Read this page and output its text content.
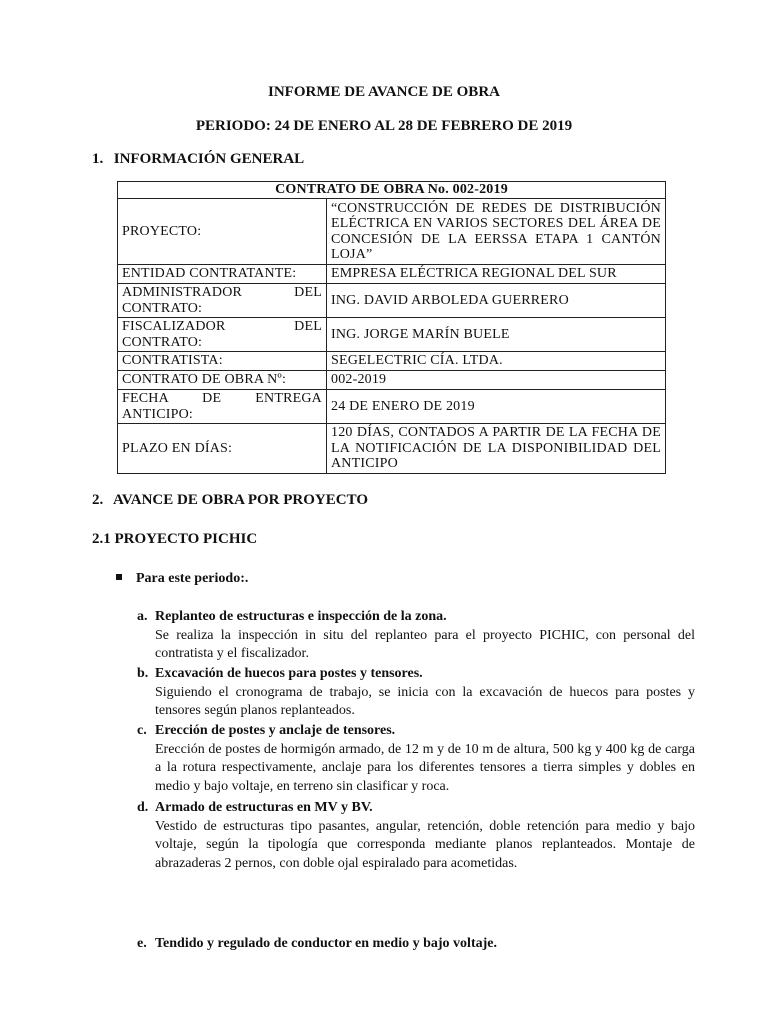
INFORME DE AVANCE DE OBRA
PERIODO: 24 DE ENERO AL 28 DE FEBRERO DE 2019
1. INFORMACIÓN GENERAL
CONTRATO DE OBRA No. 002-2019	
PROYECTO:	“CONSTRUCCIÓN DE REDES DE DISTRIBUCIÓN ELÉCTRICA EN VARIOS SECTORES DEL ÁREA DE CONCESIÓN DE LA EERSSA ETAPA 1 CANTÓN LOJA”
ENTIDAD CONTRATANTE:	EMPRESA ELÉCTRICA REGIONAL DEL SUR
ADMINISTRADOR DEL CONTRATO:	ING. DAVID ARBOLEDA GUERRERO
FISCALIZADOR DEL CONTRATO:	ING. JORGE MARÍN BUELE
CONTRATISTA:	SEGELECTRIC CÍA. LTDA.
CONTRATO DE OBRA Nº:	002-2019
FECHA DE ENTREGA ANTICIPO:	24 DE ENERO DE 2019
PLAZO EN DÍAS:	120 DÍAS, CONTADOS A PARTIR DE LA FECHA DE LA NOTIFICACIÓN DE LA DISPONIBILIDAD DEL ANTICIPO
2. AVANCE DE OBRA POR PROYECTO
2.1 PROYECTO PICHIC
Para este periodo:.
a. Replanteo de estructuras e inspección de la zona.
Se realiza la inspección in situ del replanteo para el proyecto PICHIC, con personal del contratista y el fiscalizador.
b. Excavación de huecos para postes y tensores.
Siguiendo el cronograma de trabajo, se inicia con la excavación de huecos para postes y tensores según planos replanteados.
c. Erección de postes y anclaje de tensores.
Erección de postes de hormigón armado, de 12 m y de 10 m de altura, 500 kg y 400 kg de carga a la rotura respectivamente, anclaje para los diferentes tensores a tierra simples y dobles en medio y bajo voltaje, en terreno sin clasificar y roca.
d. Armado de estructuras en MV y BV.
Vestido de estructuras tipo pasantes, angular, retención, doble retención para medio y bajo voltaje, según la tipología que corresponda mediante planos replanteados. Montaje de abrazaderas 2 pernos, con doble ojal espiralado para acometidas.
e. Tendido y regulado de conductor en medio y bajo voltaje.
